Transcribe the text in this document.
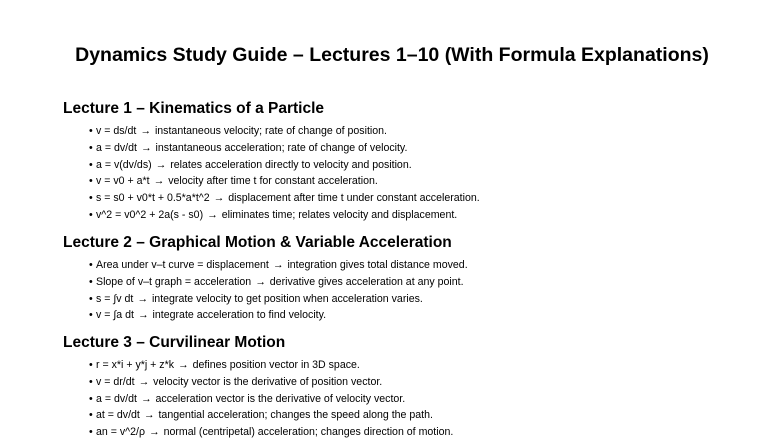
Dynamics Study Guide – Lectures 1–10 (With Formula Explanations)
Lecture 1 – Kinematics of a Particle
• v = ds/dt → instantaneous velocity; rate of change of position.
• a = dv/dt → instantaneous acceleration; rate of change of velocity.
• a = v(dv/ds) → relates acceleration directly to velocity and position.
• v = v0 + a*t → velocity after time t for constant acceleration.
• s = s0 + v0*t + 0.5*a*t^2 → displacement after time t under constant acceleration.
• v^2 = v0^2 + 2a(s - s0) → eliminates time; relates velocity and displacement.
Lecture 2 – Graphical Motion & Variable Acceleration
• Area under v–t curve = displacement → integration gives total distance moved.
• Slope of v–t graph = acceleration → derivative gives acceleration at any point.
• s = ∫v dt → integrate velocity to get position when acceleration varies.
• v = ∫a dt → integrate acceleration to find velocity.
Lecture 3 – Curvilinear Motion
• r = x*i + y*j + z*k → defines position vector in 3D space.
• v = dr/dt → velocity vector is the derivative of position vector.
• a = dv/dt → acceleration vector is the derivative of velocity vector.
• at = dv/dt → tangential acceleration; changes the speed along the path.
• an = v^2/ρ → normal (centripetal) acceleration; changes direction of motion.
